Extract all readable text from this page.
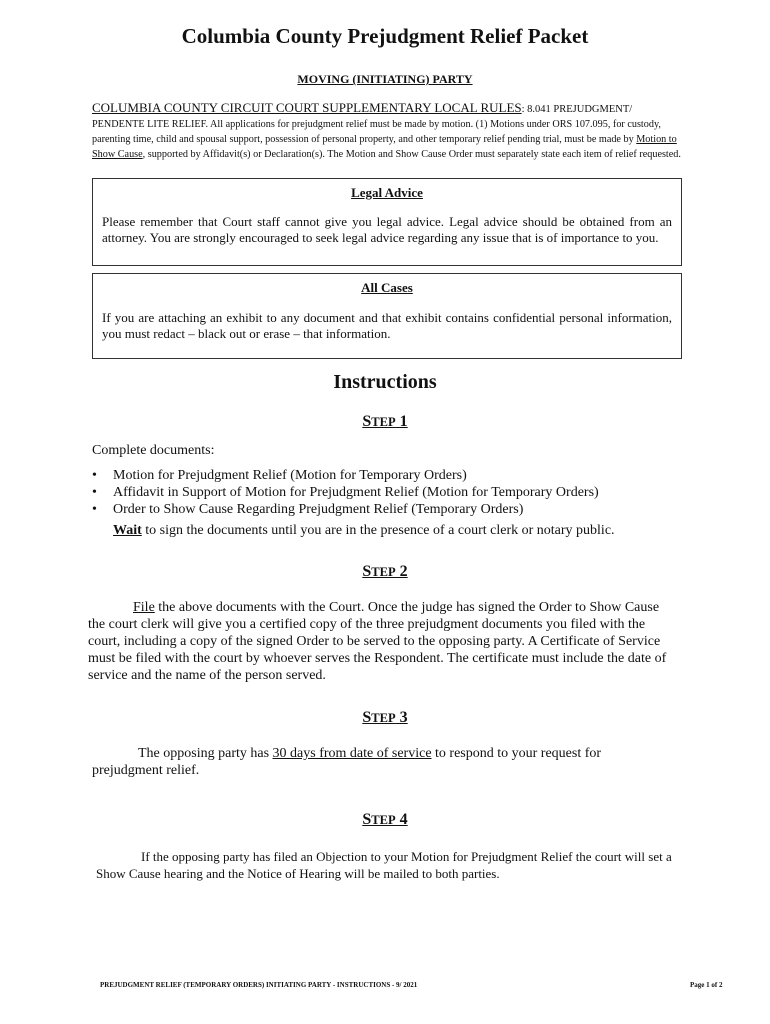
Columbia County Prejudgment Relief Packet
MOVING (INITIATING) PARTY
COLUMBIA COUNTY CIRCUIT COURT SUPPLEMENTARY LOCAL RULES: 8.041 PREJUDGMENT/ PENDENTE LITE RELIEF. All applications for prejudgment relief must be made by motion. (1) Motions under ORS 107.095, for custody, parenting time, child and spousal support, possession of personal property, and other temporary relief pending trial, must be made by Motion to Show Cause, supported by Affidavit(s) or Declaration(s). The Motion and Show Cause Order must separately state each item of relief requested.
Legal Advice
Please remember that Court staff cannot give you legal advice. Legal advice should be obtained from an attorney. You are strongly encouraged to seek legal advice regarding any issue that is of importance to you.
All Cases
If you are attaching an exhibit to any document and that exhibit contains confidential personal information, you must redact – black out or erase – that information.
Instructions
STEP 1
Complete documents:
• Motion for Prejudgment Relief (Motion for Temporary Orders)
• Affidavit in Support of Motion for Prejudgment Relief (Motion for Temporary Orders)
• Order to Show Cause Regarding Prejudgment Relief (Temporary Orders)
Wait to sign the documents until you are in the presence of a court clerk or notary public.
STEP 2
File the above documents with the Court. Once the judge has signed the Order to Show Cause the court clerk will give you a certified copy of the three prejudgment documents you filed with the court, including a copy of the signed Order to be served to the opposing party. A Certificate of Service must be filed with the court by whoever serves the Respondent. The certificate must include the date of service and the name of the person served.
STEP 3
The opposing party has 30 days from date of service to respond to your request for prejudgment relief.
STEP 4
If the opposing party has filed an Objection to your Motion for Prejudgment Relief the court will set a Show Cause hearing and the Notice of Hearing will be mailed to both parties.
PREJUDGMENT RELIEF (TEMPORARY ORDERS) INITIATING PARTY - INSTRUCTIONS - 9/ 2021	Page 1 of 2
